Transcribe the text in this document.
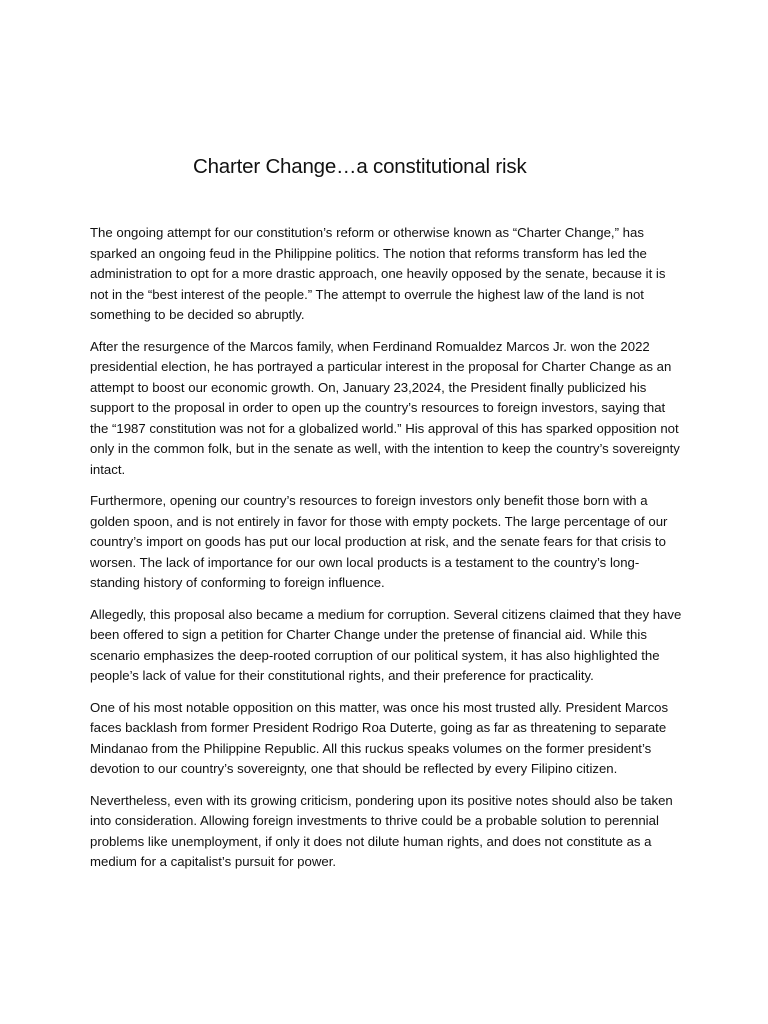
Charter Change…a constitutional risk

The ongoing attempt for our constitution’s reform or otherwise known as “Charter Change,” has sparked an ongoing feud in the Philippine politics. The notion that reforms transform has led the administration to opt for a more drastic approach, one heavily opposed by the senate, because it is not in the “best interest of the people.” The attempt to overrule the highest law of the land is not something to be decided so abruptly.

After the resurgence of the Marcos family, when Ferdinand Romualdez Marcos Jr. won the 2022 presidential election, he has portrayed a particular interest in the proposal for Charter Change as an attempt to boost our economic growth. On, January 23,2024, the President finally publicized his support to the proposal in order to open up the country’s resources to foreign investors, saying that the “1987 constitution was not for a globalized world.” His approval of this has sparked opposition not only in the common folk, but in the senate as well, with the intention to keep the country’s sovereignty intact.

Furthermore, opening our country’s resources to foreign investors only benefit those born with a golden spoon, and is not entirely in favor for those with empty pockets. The large percentage of our country’s import on goods has put our local production at risk, and the senate fears for that crisis to worsen. The lack of importance for our own local products is a testament to the country’s long-standing history of conforming to foreign influence.

Allegedly, this proposal also became a medium for corruption. Several citizens claimed that they have been offered to sign a petition for Charter Change under the pretense of financial aid. While this scenario emphasizes the deep-rooted corruption of our political system, it has also highlighted the people’s lack of value for their constitutional rights, and their preference for practicality.

One of his most notable opposition on this matter, was once his most trusted ally. President Marcos faces backlash from former President Rodrigo Roa Duterte, going as far as threatening to separate Mindanao from the Philippine Republic. All this ruckus speaks volumes on the former president’s devotion to our country’s sovereignty, one that should be reflected by every Filipino citizen.

Nevertheless, even with its growing criticism, pondering upon its positive notes should also be taken into consideration. Allowing foreign investments to thrive could be a probable solution to perennial problems like unemployment, if only it does not dilute human rights, and does not constitute as a medium for a capitalist’s pursuit for power.
